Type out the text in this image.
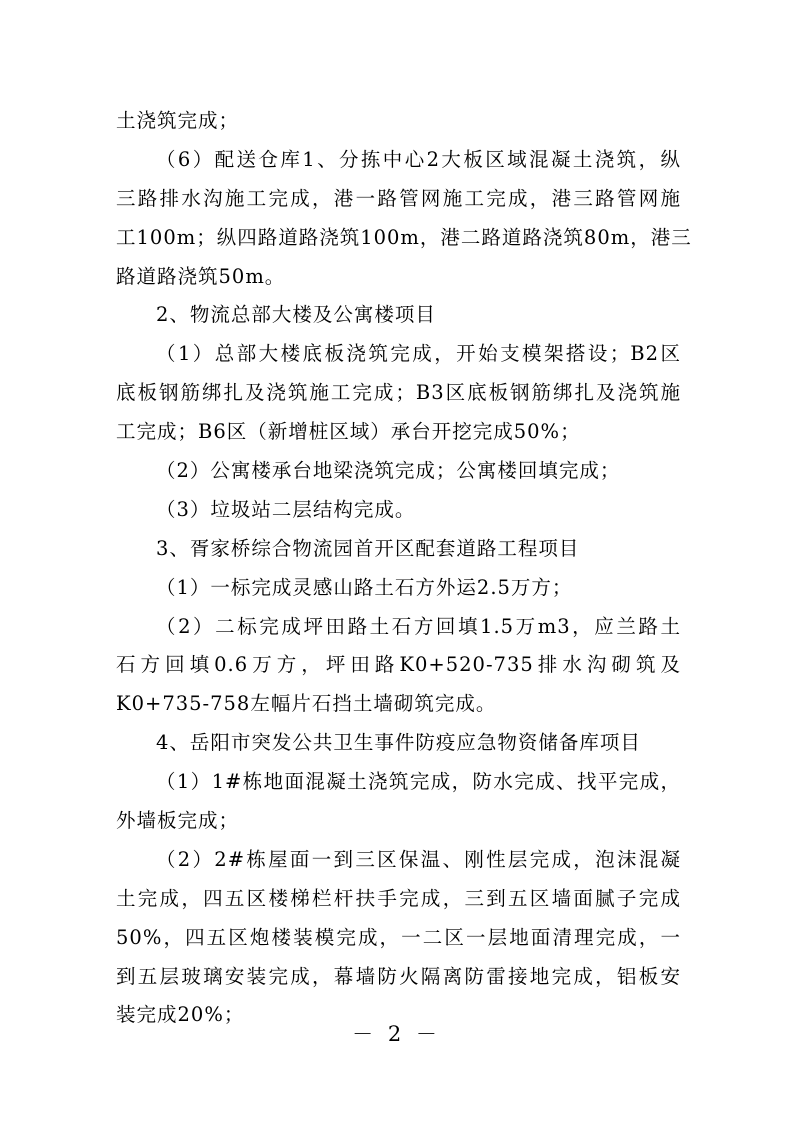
土浇筑完成；
（6）配送仓库1、分拣中心2大板区域混凝土浇筑，纵
三路排水沟施工完成，港一路管网施工完成，港三路管网施
工100m；纵四路道路浇筑100m，港二路道路浇筑80m，港三
路道路浇筑50m。
2、物流总部大楼及公寓楼项目
（1）总部大楼底板浇筑完成，开始支模架搭设；B2区
底板钢筋绑扎及浇筑施工完成；B3区底板钢筋绑扎及浇筑施
工完成；B6区（新增桩区域）承台开挖完成50%；
（2）公寓楼承台地梁浇筑完成；公寓楼回填完成；
（3）垃圾站二层结构完成。
3、胥家桥综合物流园首开区配套道路工程项目
（1）一标完成灵感山路土石方外运2.5万方；
（2）二标完成坪田路土石方回填1.5万m3，应兰路土
石方回填0.6万方，坪田路K0+520-735排水沟砌筑及
K0+735-758左幅片石挡土墙砌筑完成。
4、岳阳市突发公共卫生事件防疫应急物资储备库项目
（1）1#栋地面混凝土浇筑完成，防水完成、找平完成，
外墙板完成；
（2）2#栋屋面一到三区保温、刚性层完成，泡沫混凝
土完成，四五区楼梯栏杆扶手完成，三到五区墙面腻子完成
50%，四五区炮楼装模完成，一二区一层地面清理完成，一
到五层玻璃安装完成，幕墙防火隔离防雷接地完成，铝板安
装完成20%；
－ 2 －
